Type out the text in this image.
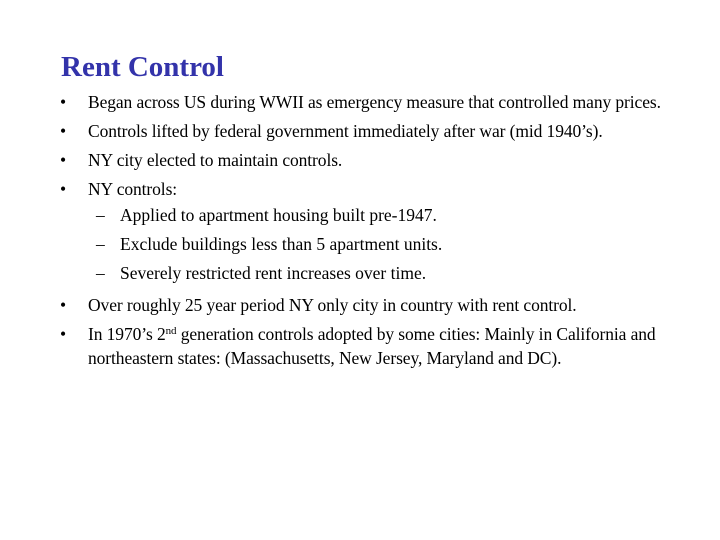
Rent Control

• Began across US during WWII as emergency measure that controlled many prices.

• Controls lifted by federal government immediately after war (mid 1940’s).

• NY city elected to maintain controls.

• NY controls:

– Applied to apartment housing built pre-1947.

– Exclude buildings less than 5 apartment units.

– Severely restricted rent increases over time.

• Over roughly 25 year period NY only city in country with rent control.

• In 1970’s 2nd generation controls adopted by some cities: Mainly in California and northeastern states: (Massachusetts, New Jersey, Maryland and DC).
